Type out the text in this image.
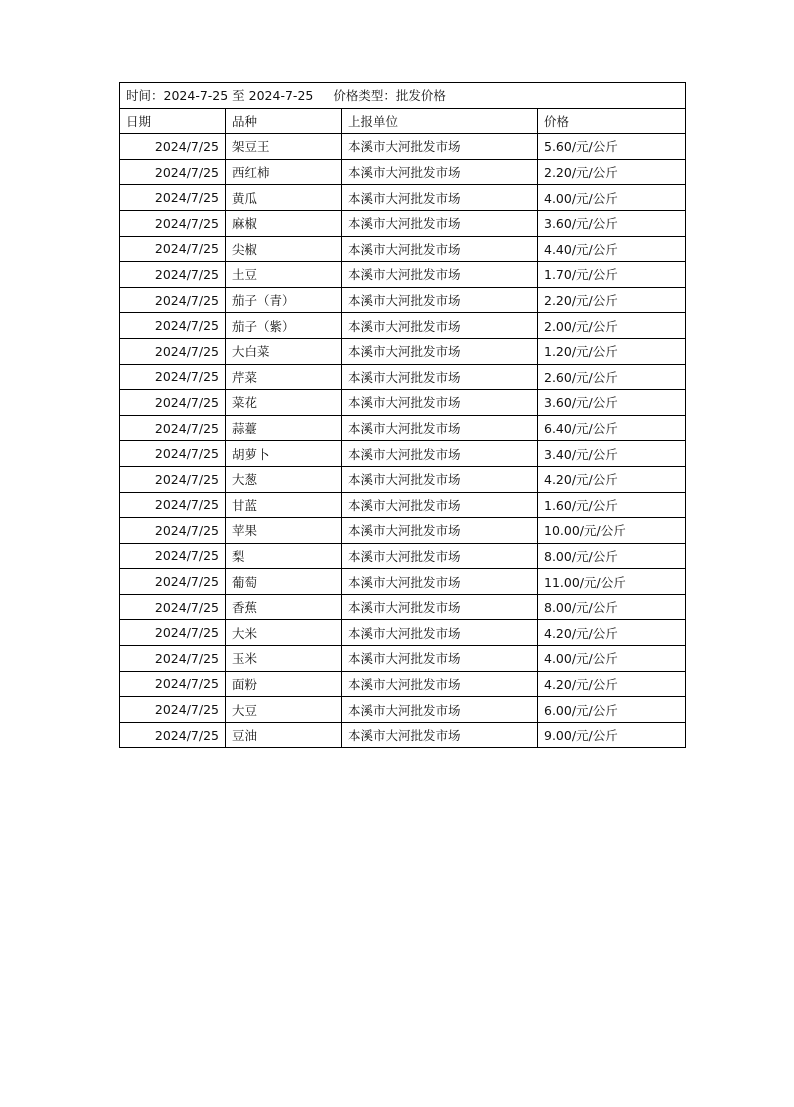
时间：2024-7-25 至 2024-7-25 价格类型：批发价格			
日期	品种	上报单位	价格
2024/7/25	架豆王	本溪市大河批发市场	5.60/元/公斤
2024/7/25	西红柿	本溪市大河批发市场	2.20/元/公斤
2024/7/25	黄瓜	本溪市大河批发市场	4.00/元/公斤
2024/7/25	麻椒	本溪市大河批发市场	3.60/元/公斤
2024/7/25	尖椒	本溪市大河批发市场	4.40/元/公斤
2024/7/25	土豆	本溪市大河批发市场	1.70/元/公斤
2024/7/25	茄子（青）	本溪市大河批发市场	2.20/元/公斤
2024/7/25	茄子（紫）	本溪市大河批发市场	2.00/元/公斤
2024/7/25	大白菜	本溪市大河批发市场	1.20/元/公斤
2024/7/25	芹菜	本溪市大河批发市场	2.60/元/公斤
2024/7/25	菜花	本溪市大河批发市场	3.60/元/公斤
2024/7/25	蒜薹	本溪市大河批发市场	6.40/元/公斤
2024/7/25	胡萝卜	本溪市大河批发市场	3.40/元/公斤
2024/7/25	大葱	本溪市大河批发市场	4.20/元/公斤
2024/7/25	甘蓝	本溪市大河批发市场	1.60/元/公斤
2024/7/25	苹果	本溪市大河批发市场	10.00/元/公斤
2024/7/25	梨	本溪市大河批发市场	8.00/元/公斤
2024/7/25	葡萄	本溪市大河批发市场	11.00/元/公斤
2024/7/25	香蕉	本溪市大河批发市场	8.00/元/公斤
2024/7/25	大米	本溪市大河批发市场	4.20/元/公斤
2024/7/25	玉米	本溪市大河批发市场	4.00/元/公斤
2024/7/25	面粉	本溪市大河批发市场	4.20/元/公斤
2024/7/25	大豆	本溪市大河批发市场	6.00/元/公斤
2024/7/25	豆油	本溪市大河批发市场	9.00/元/公斤
